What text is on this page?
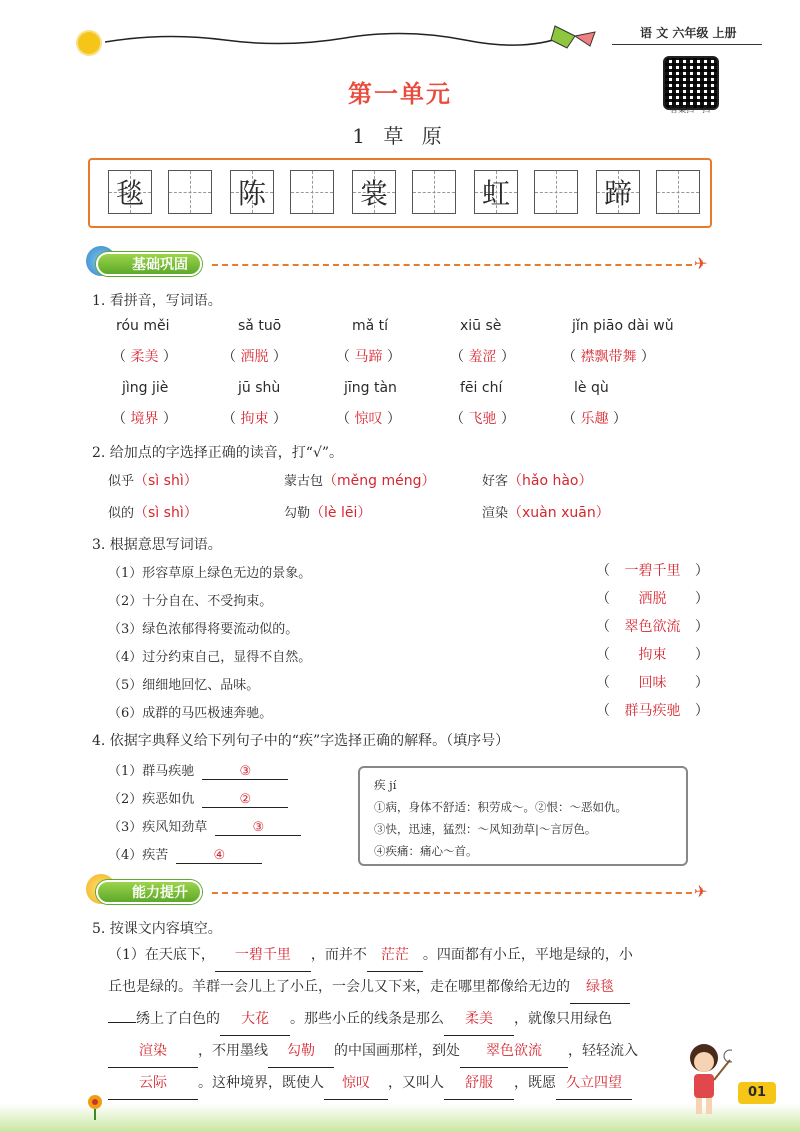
语 文 六年级 上册
答案扫一扫
第一单元
1 草 原
毯	陈	裳	虹	蹄
基础巩固	✈
1. 看拼音，写词语。
róu měi	sǎ tuō	mǎ tí	xiū sè	jǐn piāo dài wǔ
（ 柔美 ）	（ 洒脱 ）	（ 马蹄 ）	（ 羞涩 ）	（ 襟飘带舞 ）
jìng jiè	jū shù	jīng tàn	fēi chí	lè qù
（ 境界 ）	（ 拘束 ）	（ 惊叹 ）	（ 飞驰 ）	（ 乐趣 ）
2. 给加点的字选择正确的读音，打“√”。
似乎（sì shì）	蒙古包（měng méng）	好客（hǎo hào）
似的（sì shì）	勾勒（lè lēi）	渲染（xuàn xuān）
3. 根据意思写词语。
（1）形容草原上绿色无边的景象。	（ 一碧千里 ）
（2）十分自在、不受拘束。	（ 洒脱 ）
（3）绿色浓郁得将要流动似的。	（ 翠色欲流 ）
（4）过分约束自己，显得不自然。	（ 拘束 ）
（5）细细地回忆、品味。	（ 回味 ）
（6）成群的马匹极速奔驰。	（ 群马疾驰 ）
4. 依据字典释义给下列句子中的“疾”字选择正确的解释。（填序号）
（1）群马疾驰	③
（2）疾恶如仇	②
（3）疾风知劲草	③
（4）疾苦	④
疾 jí
①病，身体不舒适：积劳成～。②恨：～恶如仇。
③快，迅速，猛烈：～风知劲草|～言厉色。
④疾痛：痛心～首。
能力提升	✈
5. 按课文内容填空。
（1）在天底下， 一碧千里 ，而并不 茫茫 。四面都有小丘，平地是绿的，小
丘也是绿的。羊群一会儿上了小丘，一会儿又下来，走在哪里都像给无边的 绿毯
绣上了白色的 大花 。那些小丘的线条是那么 柔美 ，就像只用绿色
渲染 ，不用墨线 勾勒 的中国画那样，到处 翠色欲流 ，轻轻流入
云际 。这种境界，既使人 惊叹 ，又叫人 舒服 ，既愿 久立四望
01
